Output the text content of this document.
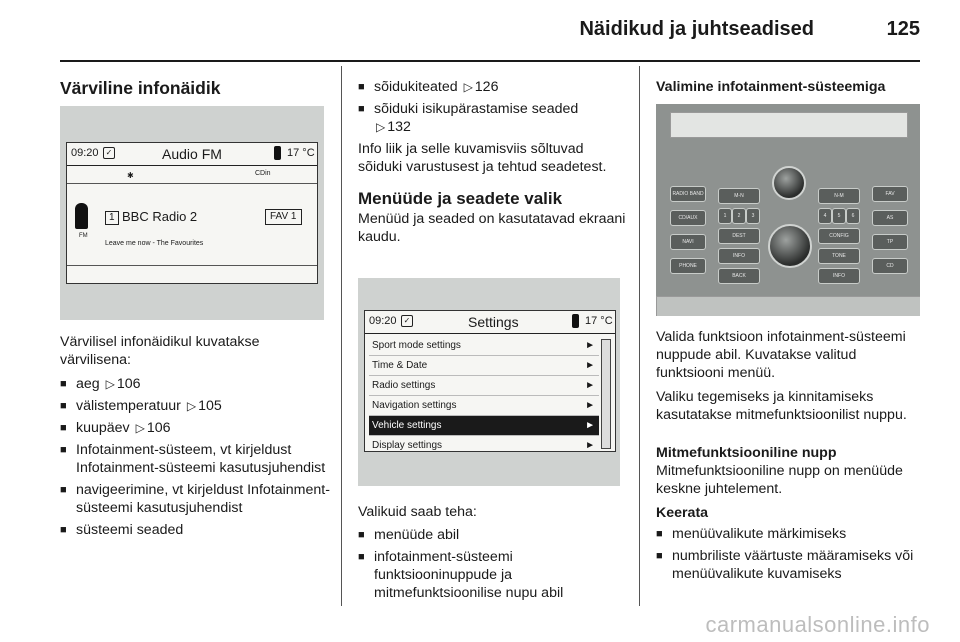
Näidikud ja juhtseadised	125
Värviline infonäidik
09:20 ✓	Audio FM	17 °C
✱	CDin
1 BBC Radio 2	FAV 1
FM
Leave me now - The Favourites

Värvilisel infonäidikul kuvatakse värvilisena:

■ aeg ▷ 106
■ välistemperatuur ▷ 105
■ kuupäev ▷ 106
■ Infotainment-süsteem, vt kirjeldust Infotainment-süsteemi kasutusjuhendist
■ navigeerimine, vt kirjeldust Infotainment-süsteemi kasutusjuhendist
■ süsteemi seaded
■ sõidukiteated ▷ 126
■ sõiduki isikupärastamise seaded
▷ 132

Info liik ja selle kuvamisviis sõltuvad sõiduki varustusest ja tehtud seadetest.

Menüüde ja seadete valik

Menüüd ja seaded on kasutatavad ekraani kaudu.

09:20 ✓	Settings	17 °C
Sport mode settings	►
Time & Date	►
Radio settings	►
Navigation settings	►
Vehicle settings	►
Display settings	►

Valikuid saab teha:

■ menüüde abil
■ infotainment-süsteemi funktsiooninuppude ja mitmefunktsioonilise nupu abil

Valimine infotainment-süsteemiga

RADIO BAND
CD/AUX
NAVI
PHONE
M-N	N-M
1	2	3	4	5	6
DEST	CONFIG
INFO	TONE
BACK	INFO
FAV
AS
TP
CD

Valida funktsioon infotainment-süsteemi nuppude abil. Kuvatakse valitud funktsiooni menüü.

Valiku tegemiseks ja kinnitamiseks kasutatakse mitmefunktsioonilist nuppu.

Mitmefunktsiooniline nupp

Mitmefunktsiooniline nupp on menüüde keskne juhtelement.

Keerata

■ menüüvalikute märkimiseks
■ numbriliste väärtuste määramiseks või menüüvalikute kuvamiseks
carmanualsonline.info
